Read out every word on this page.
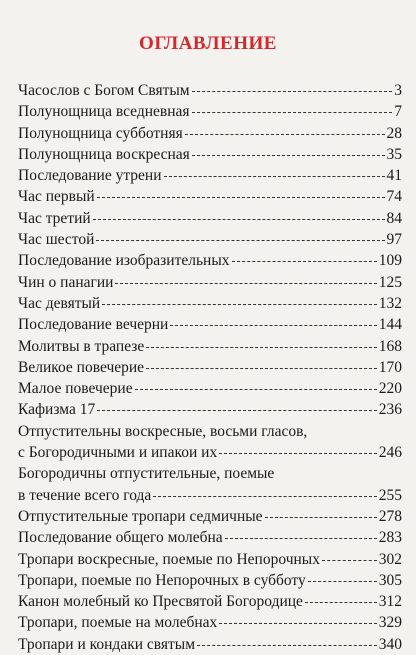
ОГЛАВЛЕНИЕ
Часослов с Богом Святым	3
Полунощница вседневная	7
Полунощница субботняя	28
Полунощница воскресная	35
Последование утрени	41
Час первый	74
Час третий	84
Час шестой	97
Последование изобразительных	109
Чин о панагии	125
Час девятый	132
Последование вечерни	144
Молитвы в трапезе	168
Великое повечерие	170
Малое повечерие	220
Кафизма 17	236
Отпустительны воскресные, восьми гласов,
с Богородичными и ипакои их	246
Богородичны отпустительные, поемые
в течение всего года	255
Отпустительные тропари седмичные	278
Последование общего молебна	283
Тропари воскресные, поемые по Непорочных	302
Тропари, поемые по Непорочных в субботу	305
Канон молебный ко Пресвятой Богородице	312
Тропари, поемые на молебнах	329
Тропари и кондаки святым	340
